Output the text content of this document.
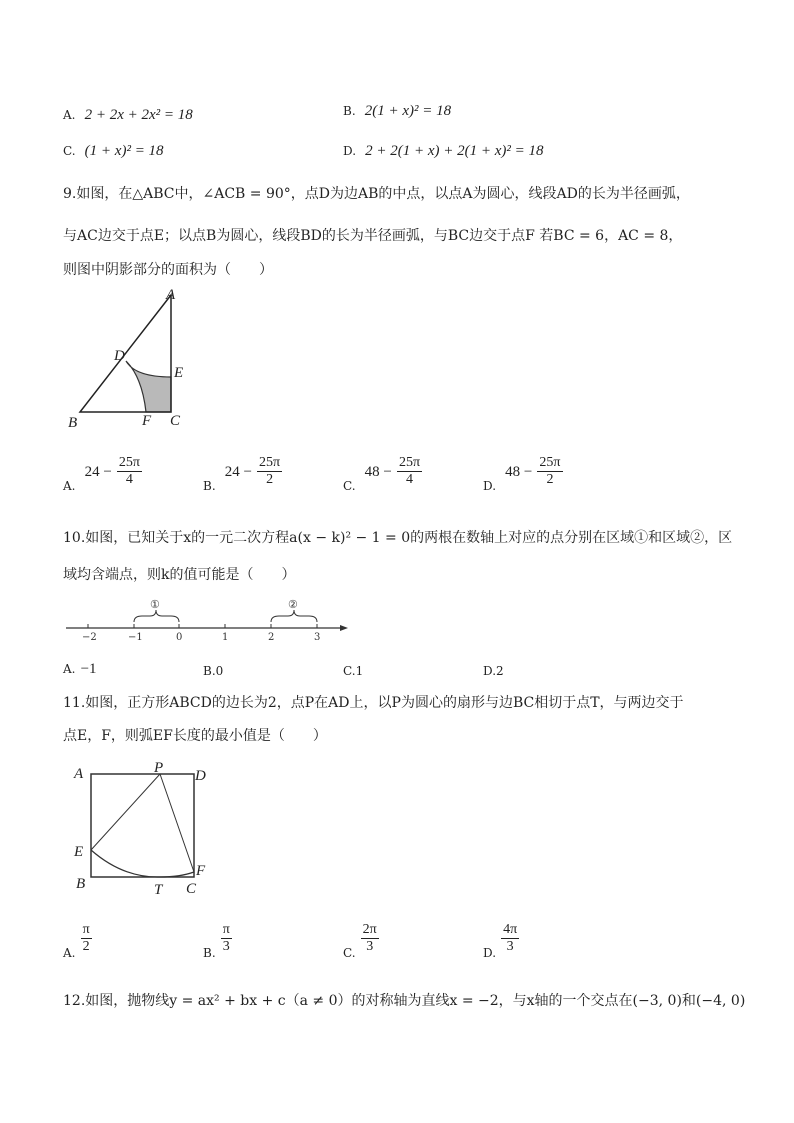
A. 2 + 2x + 2x² = 18	B. 2(1 + x)² = 18
C. (1 + x)² = 18	D. 2 + 2(1 + x) + 2(1 + x)² = 18
9.如图，在△ABC中，∠ACB = 90°，点D为边AB的中点，以点A为圆心，线段AD的长为半径画弧，
与AC边交于点E；以点B为圆心，线段BD的长为半径画弧，与BC边交于点F 若BC = 6，AC = 8，
则图中阴影部分的面积为（　　）
A
D
E
B	F C
$_{A.}$ $24 - \frac{25\pi}{4}$	$_{B.}$ $24 - \frac{25\pi}{2}$	$_{C.}$ $48 - \frac{25\pi}{4}$	$_{D.}$ $48 - \frac{25\pi}{2}$
10.如图，已知关于x的一元二次方程a(x − k)² − 1 = 0的两根在数轴上对应的点分别在区域①和区域②，区
域均含端点，则k的值可能是（　　）
−2	−1	0	1	2	3
①	②
A. −1	B.0	C.1	D.2
11.如图，正方形ABCD的边长为2，点P在AD上，以P为圆心的扇形与边BC相切于点T，与两边交于
点E，F，则弧EF长度的最小值是（　　）
A	P D
E
B	T C
F
$_{A.} \frac{\pi}{2}$	$_{B.} \frac{\pi}{3}$	$_{C.} \frac{2\pi}{3}$	$_{D.} \frac{4\pi}{3}$
12.如图，抛物线y = ax² + bx + c（a ≠ 0）的对称轴为直线x = −2，与x轴的一个交点在(−3, 0)和(−4, 0)
